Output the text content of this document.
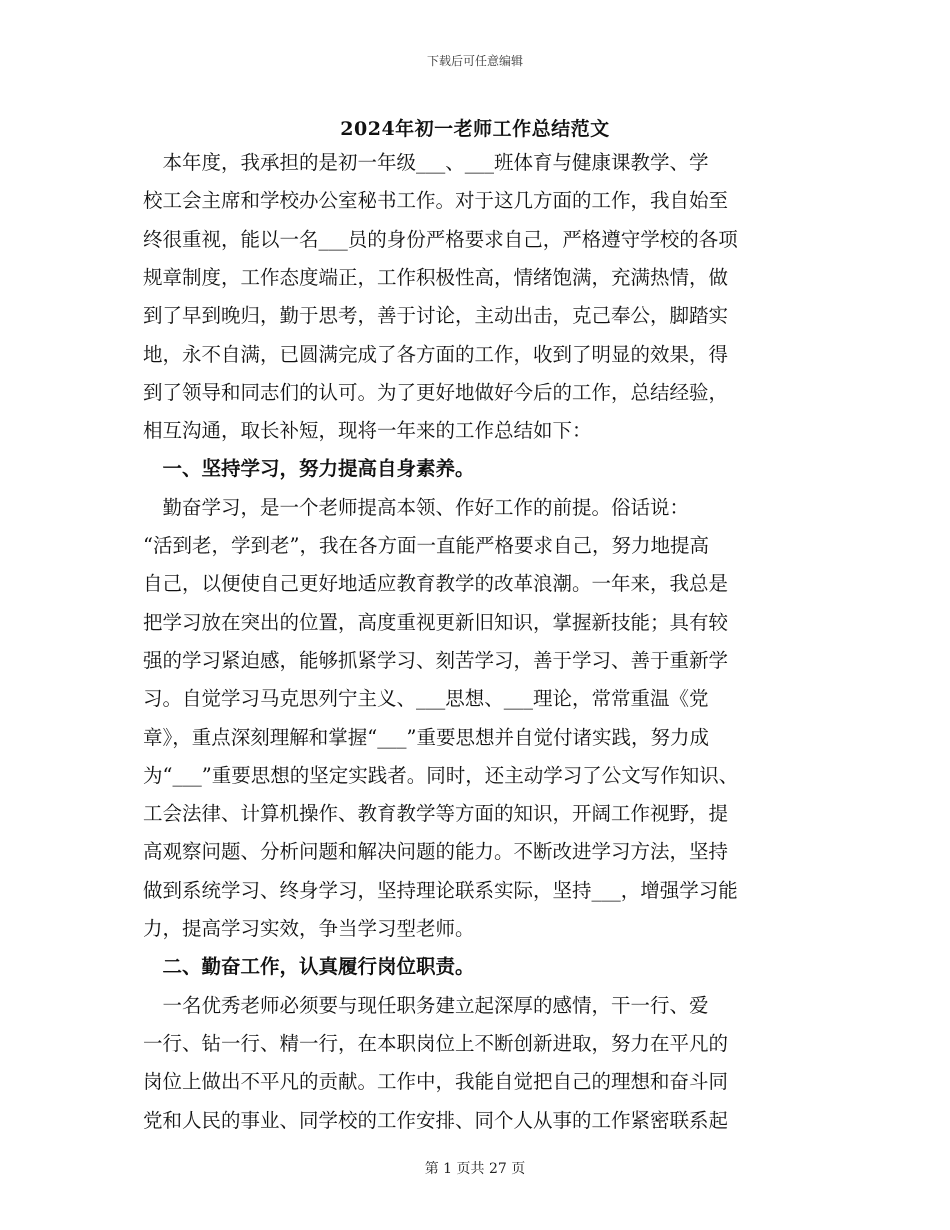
下载后可任意编辑
2024年初一老师工作总结范文
　本年度，我承担的是初一年级___、___班体育与健康课教学、学
校工会主席和学校办公室秘书工作。对于这几方面的工作，我自始至
终很重视，能以一名___员的身份严格要求自己，严格遵守学校的各项
规章制度，工作态度端正，工作积极性高，情绪饱满，充满热情，做
到了早到晚归，勤于思考，善于讨论，主动出击，克己奉公，脚踏实
地，永不自满，已圆满完成了各方面的工作，收到了明显的效果，得
到了领导和同志们的认可。为了更好地做好今后的工作，总结经验，
相互沟通，取长补短，现将一年来的工作总结如下：
　一、坚持学习，努力提高自身素养。
　勤奋学习，是一个老师提高本领、作好工作的前提。俗话说：
“活到老，学到老”，我在各方面一直能严格要求自己，努力地提高
自己，以便使自己更好地适应教育教学的改革浪潮。一年来，我总是
把学习放在突出的位置，高度重视更新旧知识，掌握新技能；具有较
强的学习紧迫感，能够抓紧学习、刻苦学习，善于学习、善于重新学
习。自觉学习马克思列宁主义、___思想、___理论，常常重温《党
章》，重点深刻理解和掌握“___”重要思想并自觉付诸实践，努力成
为“___”重要思想的坚定实践者。同时，还主动学习了公文写作知识、
工会法律、计算机操作、教育教学等方面的知识，开阔工作视野，提
高观察问题、分析问题和解决问题的能力。不断改进学习方法，坚持
做到系统学习、终身学习，坚持理论联系实际，坚持___，增强学习能
力，提高学习实效，争当学习型老师。
　二、勤奋工作，认真履行岗位职责。
　一名优秀老师必须要与现任职务建立起深厚的感情，干一行、爱
一行、钻一行、精一行，在本职岗位上不断创新进取，努力在平凡的
岗位上做出不平凡的贡献。工作中，我能自觉把自己的理想和奋斗同
党和人民的事业、同学校的工作安排、同个人从事的工作紧密联系起
第 1 页共 27 页
